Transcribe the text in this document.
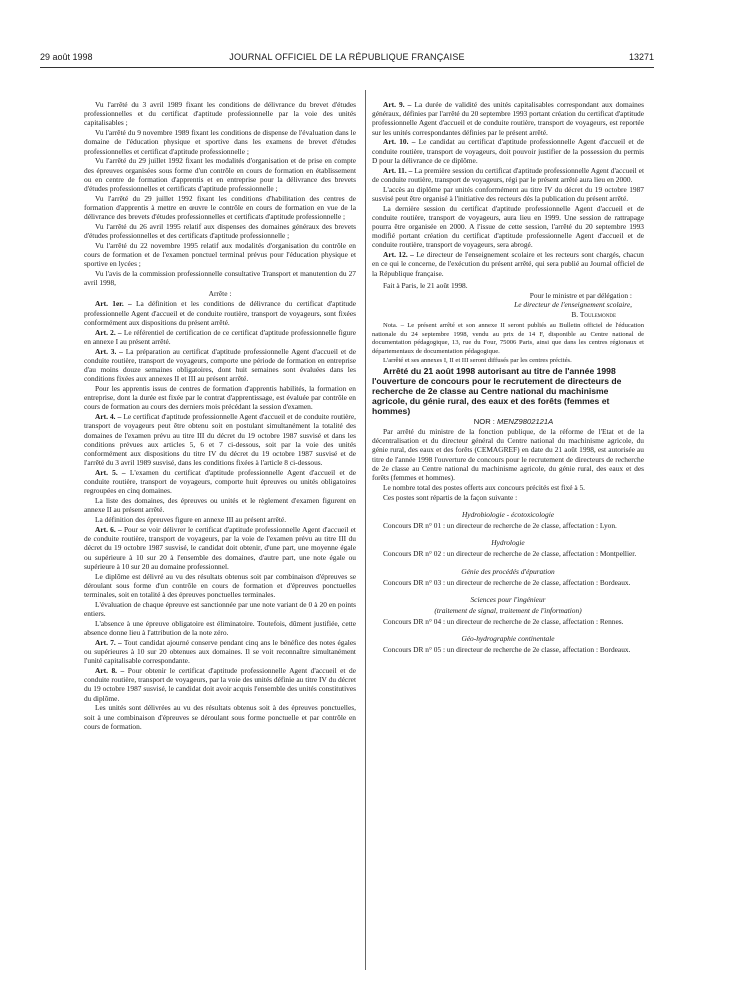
29 août 1998	JOURNAL OFFICIEL DE LA RÉPUBLIQUE FRANÇAISE	13271

Vu l'arrêté du 3 avril 1989 fixant les conditions de délivrance du brevet d'études professionnelles et du certificat d'aptitude professionnelle par la voie des unités capitalisables ;

Vu l'arrêté du 9 novembre 1989 fixant les conditions de dispense de l'évaluation dans le domaine de l'éducation physique et sportive dans les examens de brevet d'études professionnelles et certificat d'aptitude professionnelle ;

Vu l'arrêté du 29 juillet 1992 fixant les modalités d'organisation et de prise en compte des épreuves organisées sous forme d'un contrôle en cours de formation en établissement ou en centre de formation d'apprentis et en entreprise pour la délivrance des brevets d'études professionnelles et certificats d'aptitude professionnelle ;

Vu l'arrêté du 29 juillet 1992 fixant les conditions d'habilitation des centres de formation d'apprentis à mettre en œuvre le contrôle en cours de formation en vue de la délivrance des brevets d'études professionnelles et certificats d'aptitude professionnelle ;

Vu l'arrêté du 26 avril 1995 relatif aux dispenses des domaines généraux des brevets d'études professionnelles et des certificats d'aptitude professionnelle ;

Vu l'arrêté du 22 novembre 1995 relatif aux modalités d'organisation du contrôle en cours de formation et de l'examen ponctuel terminal prévus pour l'éducation physique et sportive en lycées ;

Vu l'avis de la commission professionnelle consultative Transport et manutention du 27 avril 1998,

Arrête :

Art. 1er. – La définition et les conditions de délivrance du certificat d'aptitude professionnelle Agent d'accueil et de conduite routière, transport de voyageurs, sont fixées conformément aux dispositions du présent arrêté.

Art. 2. – Le référentiel de certification de ce certificat d'aptitude professionnelle figure en annexe I au présent arrêté.

Art. 3. – La préparation au certificat d'aptitude professionnelle Agent d'accueil et de conduite routière, transport de voyageurs, comporte une période de formation en entreprise d'au moins douze semaines obligatoires, dont huit semaines sont évaluées dans les conditions fixées aux annexes II et III au présent arrêté.

Pour les apprentis issus de centres de formation d'apprentis habilités, la formation en entreprise, dont la durée est fixée par le contrat d'apprentissage, est évaluée par contrôle en cours de formation au cours des derniers mois précédant la session d'examen.

Art. 4. – Le certificat d'aptitude professionnelle Agent d'accueil et de conduite routière, transport de voyageurs peut être obtenu soit en postulant simultanément la totalité des domaines de l'examen prévu au titre III du décret du 19 octobre 1987 susvisé et dans les conditions prévues aux articles 5, 6 et 7 ci-dessous, soit par la voie des unités conformément aux dispositions du titre IV du décret du 19 octobre 1987 susvisé et de l'arrêté du 3 avril 1989 susvisé, dans les conditions fixées à l'article 8 ci-dessous.

Art. 5. – L'examen du certificat d'aptitude professionnelle Agent d'accueil et de conduite routière, transport de voyageurs, comporte huit épreuves ou unités obligatoires regroupées en cinq domaines.

La liste des domaines, des épreuves ou unités et le règlement d'examen figurent en annexe II au présent arrêté.

La définition des épreuves figure en annexe III au présent arrêté.

Art. 6. – Pour se voir délivrer le certificat d'aptitude professionnelle Agent d'accueil et de conduite routière, transport de voyageurs, par la voie de l'examen prévu au titre III du décret du 19 octobre 1987 susvisé, le candidat doit obtenir, d'une part, une moyenne égale ou supérieure à 10 sur 20 à l'ensemble des domaines, d'autre part, une note égale ou supérieure à 10 sur 20 au domaine professionnel.

Le diplôme est délivré au vu des résultats obtenus soit par combinaison d'épreuves se déroulant sous forme d'un contrôle en cours de formation et d'épreuves ponctuelles terminales, soit en totalité à des épreuves ponctuelles terminales.

L'évaluation de chaque épreuve est sanctionnée par une note variant de 0 à 20 en points entiers.

L'absence à une épreuve obligatoire est éliminatoire. Toutefois, dûment justifiée, cette absence donne lieu à l'attribution de la note zéro.

Art. 7. – Tout candidat ajourné conserve pendant cinq ans le bénéfice des notes égales ou supérieures à 10 sur 20 obtenues aux domaines. Il se voit reconnaître simultanément l'unité capitalisable correspondante.

Art. 8. – Pour obtenir le certificat d'aptitude professionnelle Agent d'accueil et de conduite routière, transport de voyageurs, par la voie des unités définie au titre IV du décret du 19 octobre 1987 susvisé, le candidat doit avoir acquis l'ensemble des unités constitutives du diplôme.

Les unités sont délivrées au vu des résultats obtenus soit à des épreuves ponctuelles, soit à une combinaison d'épreuves se déroulant sous forme ponctuelle et par contrôle en cours de formation.

Art. 9. – La durée de validité des unités capitalisables correspondant aux domaines généraux, définies par l'arrêté du 20 septembre 1993 portant création du certificat d'aptitude professionnelle Agent d'accueil et de conduite routière, transport de voyageurs, est reportée sur les unités correspondantes définies par le présent arrêté.

Art. 10. – Le candidat au certificat d'aptitude professionnelle Agent d'accueil et de conduite routière, transport de voyageurs, doit pouvoir justifier de la possession du permis D pour la délivrance de ce diplôme.

Art. 11. – La première session du certificat d'aptitude professionnelle Agent d'accueil et de conduite routière, transport de voyageurs, régi par le présent arrêté aura lieu en 2000.

L'accès au diplôme par unités conformément au titre IV du décret du 19 octobre 1987 susvisé peut être organisé à l'initiative des recteurs dès la publication du présent arrêté.

La dernière session du certificat d'aptitude professionnelle Agent d'accueil et de conduite routière, transport de voyageurs, aura lieu en 1999. Une session de rattrapage pourra être organisée en 2000. A l'issue de cette session, l'arrêté du 20 septembre 1993 modifié portant création du certificat d'aptitude professionnelle Agent d'accueil et de conduite routière, transport de voyageurs, sera abrogé.

Art. 12. – Le directeur de l'enseignement scolaire et les recteurs sont chargés, chacun en ce qui le concerne, de l'exécution du présent arrêté, qui sera publié au Journal officiel de la République française.

Fait à Paris, le 21 août 1998.

Pour le ministre et par délégation :

Le directeur de l'enseignement scolaire,

B. Toulemonde

Nota. – Le présent arrêté et son annexe II seront publiés au Bulletin officiel de l'éducation nationale du 24 septembre 1998, vendu au prix de 14 F, disponible au Centre national de documentation pédagogique, 13, rue du Four, 75006 Paris, ainsi que dans les centres régionaux et départementaux de documentation pédagogique.

L'arrêté et ses annexes I, II et III seront diffusés par les centres précités.

Arrêté du 21 août 1998 autorisant au titre de l'année 1998 l'ouverture de concours pour le recrutement de directeurs de recherche de 2e classe au Centre national du machinisme agricole, du génie rural, des eaux et des forêts (femmes et hommes)

NOR : MENZ9802121A

Par arrêté du ministre de la fonction publique, de la réforme de l'Etat et de la décentralisation et du directeur général du Centre national du machinisme agricole, du génie rural, des eaux et des forêts (CEMAGREF) en date du 21 août 1998, est autorisée au titre de l'année 1998 l'ouverture de concours pour le recrutement de directeurs de recherche de 2e classe au Centre national du machinisme agricole, du génie rural, des eaux et des forêts (femmes et hommes).

Le nombre total des postes offerts aux concours précités est fixé à 5.

Ces postes sont répartis de la façon suivante :

Hydrobiologie - écotoxicologie

Concours DR n° 01 : un directeur de recherche de 2e classe, affectation : Lyon.

Hydrologie

Concours DR n° 02 : un directeur de recherche de 2e classe, affectation : Montpellier.

Génie des procédés d'épuration

Concours DR n° 03 : un directeur de recherche de 2e classe, affectation : Bordeaux.

Sciences pour l'ingénieur

(traitement de signal, traitement de l'information)

Concours DR n° 04 : un directeur de recherche de 2e classe, affectation : Rennes.

Géo-hydrographie continentale

Concours DR n° 05 : un directeur de recherche de 2e classe, affectation : Bordeaux.
